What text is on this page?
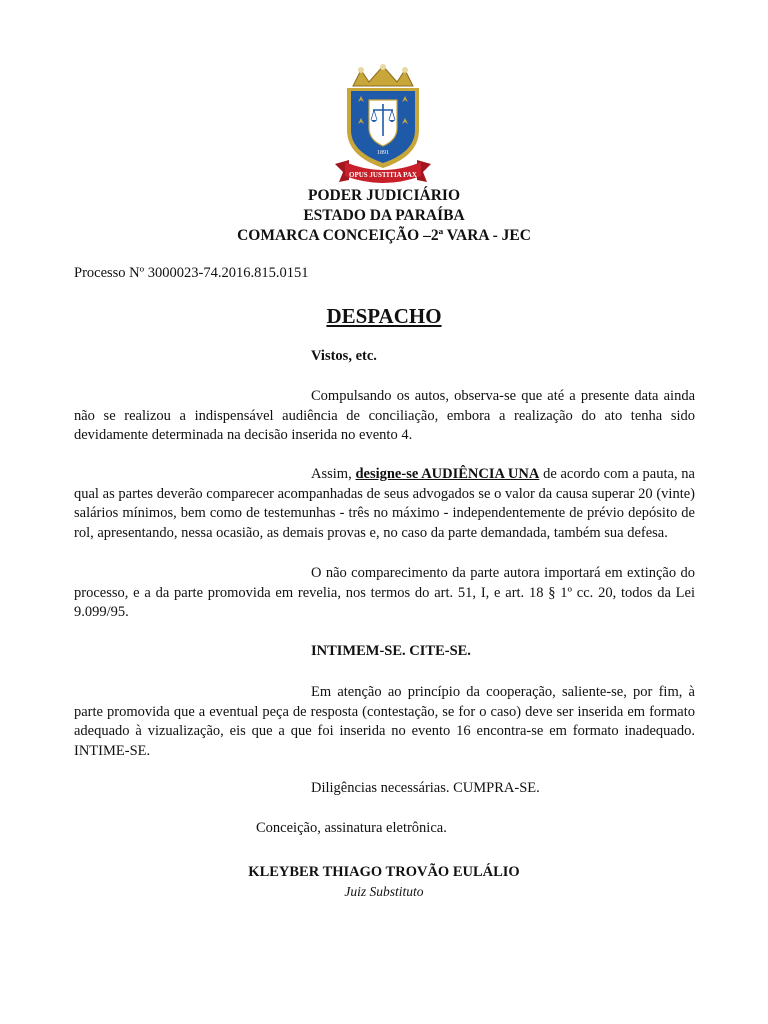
1891
OPUS JUSTITIA PAX
PODER JUDICIÁRIO
ESTADO DA PARAÍBA
COMARCA CONCEIÇÃO –2ª VARA - JEC
Processo Nº 3000023-74.2016.815.0151
DESPACHO
Vistos, etc.
Compulsando os autos, observa-se que até a presente data ainda não se realizou a indispensável audiência de conciliação, embora a realização do ato tenha sido devidamente determinada na decisão inserida no evento 4.
Assim, designe-se AUDIÊNCIA UNA de acordo com a pauta, na qual as partes deverão comparecer acompanhadas de seus advogados se o valor da causa superar 20 (vinte) salários mínimos, bem como de testemunhas - três no máximo - independentemente de prévio depósito de rol, apresentando, nessa ocasião, as demais provas e, no caso da parte demandada, também sua defesa.
O não comparecimento da parte autora importará em extinção do processo, e a da parte promovida em revelia, nos termos do art. 51, I, e art. 18 § 1º cc. 20, todos da Lei 9.099/95.
INTIMEM-SE. CITE-SE.
Em atenção ao princípio da cooperação, saliente-se, por fim, à parte promovida que a eventual peça de resposta (contestação, se for o caso) deve ser inserida em formato adequado à vizualização, eis que a que foi inserida no evento 16 encontra-se em formato inadequado. INTIME-SE.
Diligências necessárias. CUMPRA-SE.
Conceição, assinatura eletrônica.
KLEYBER THIAGO TROVÃO EULÁLIO
Juiz Substituto
